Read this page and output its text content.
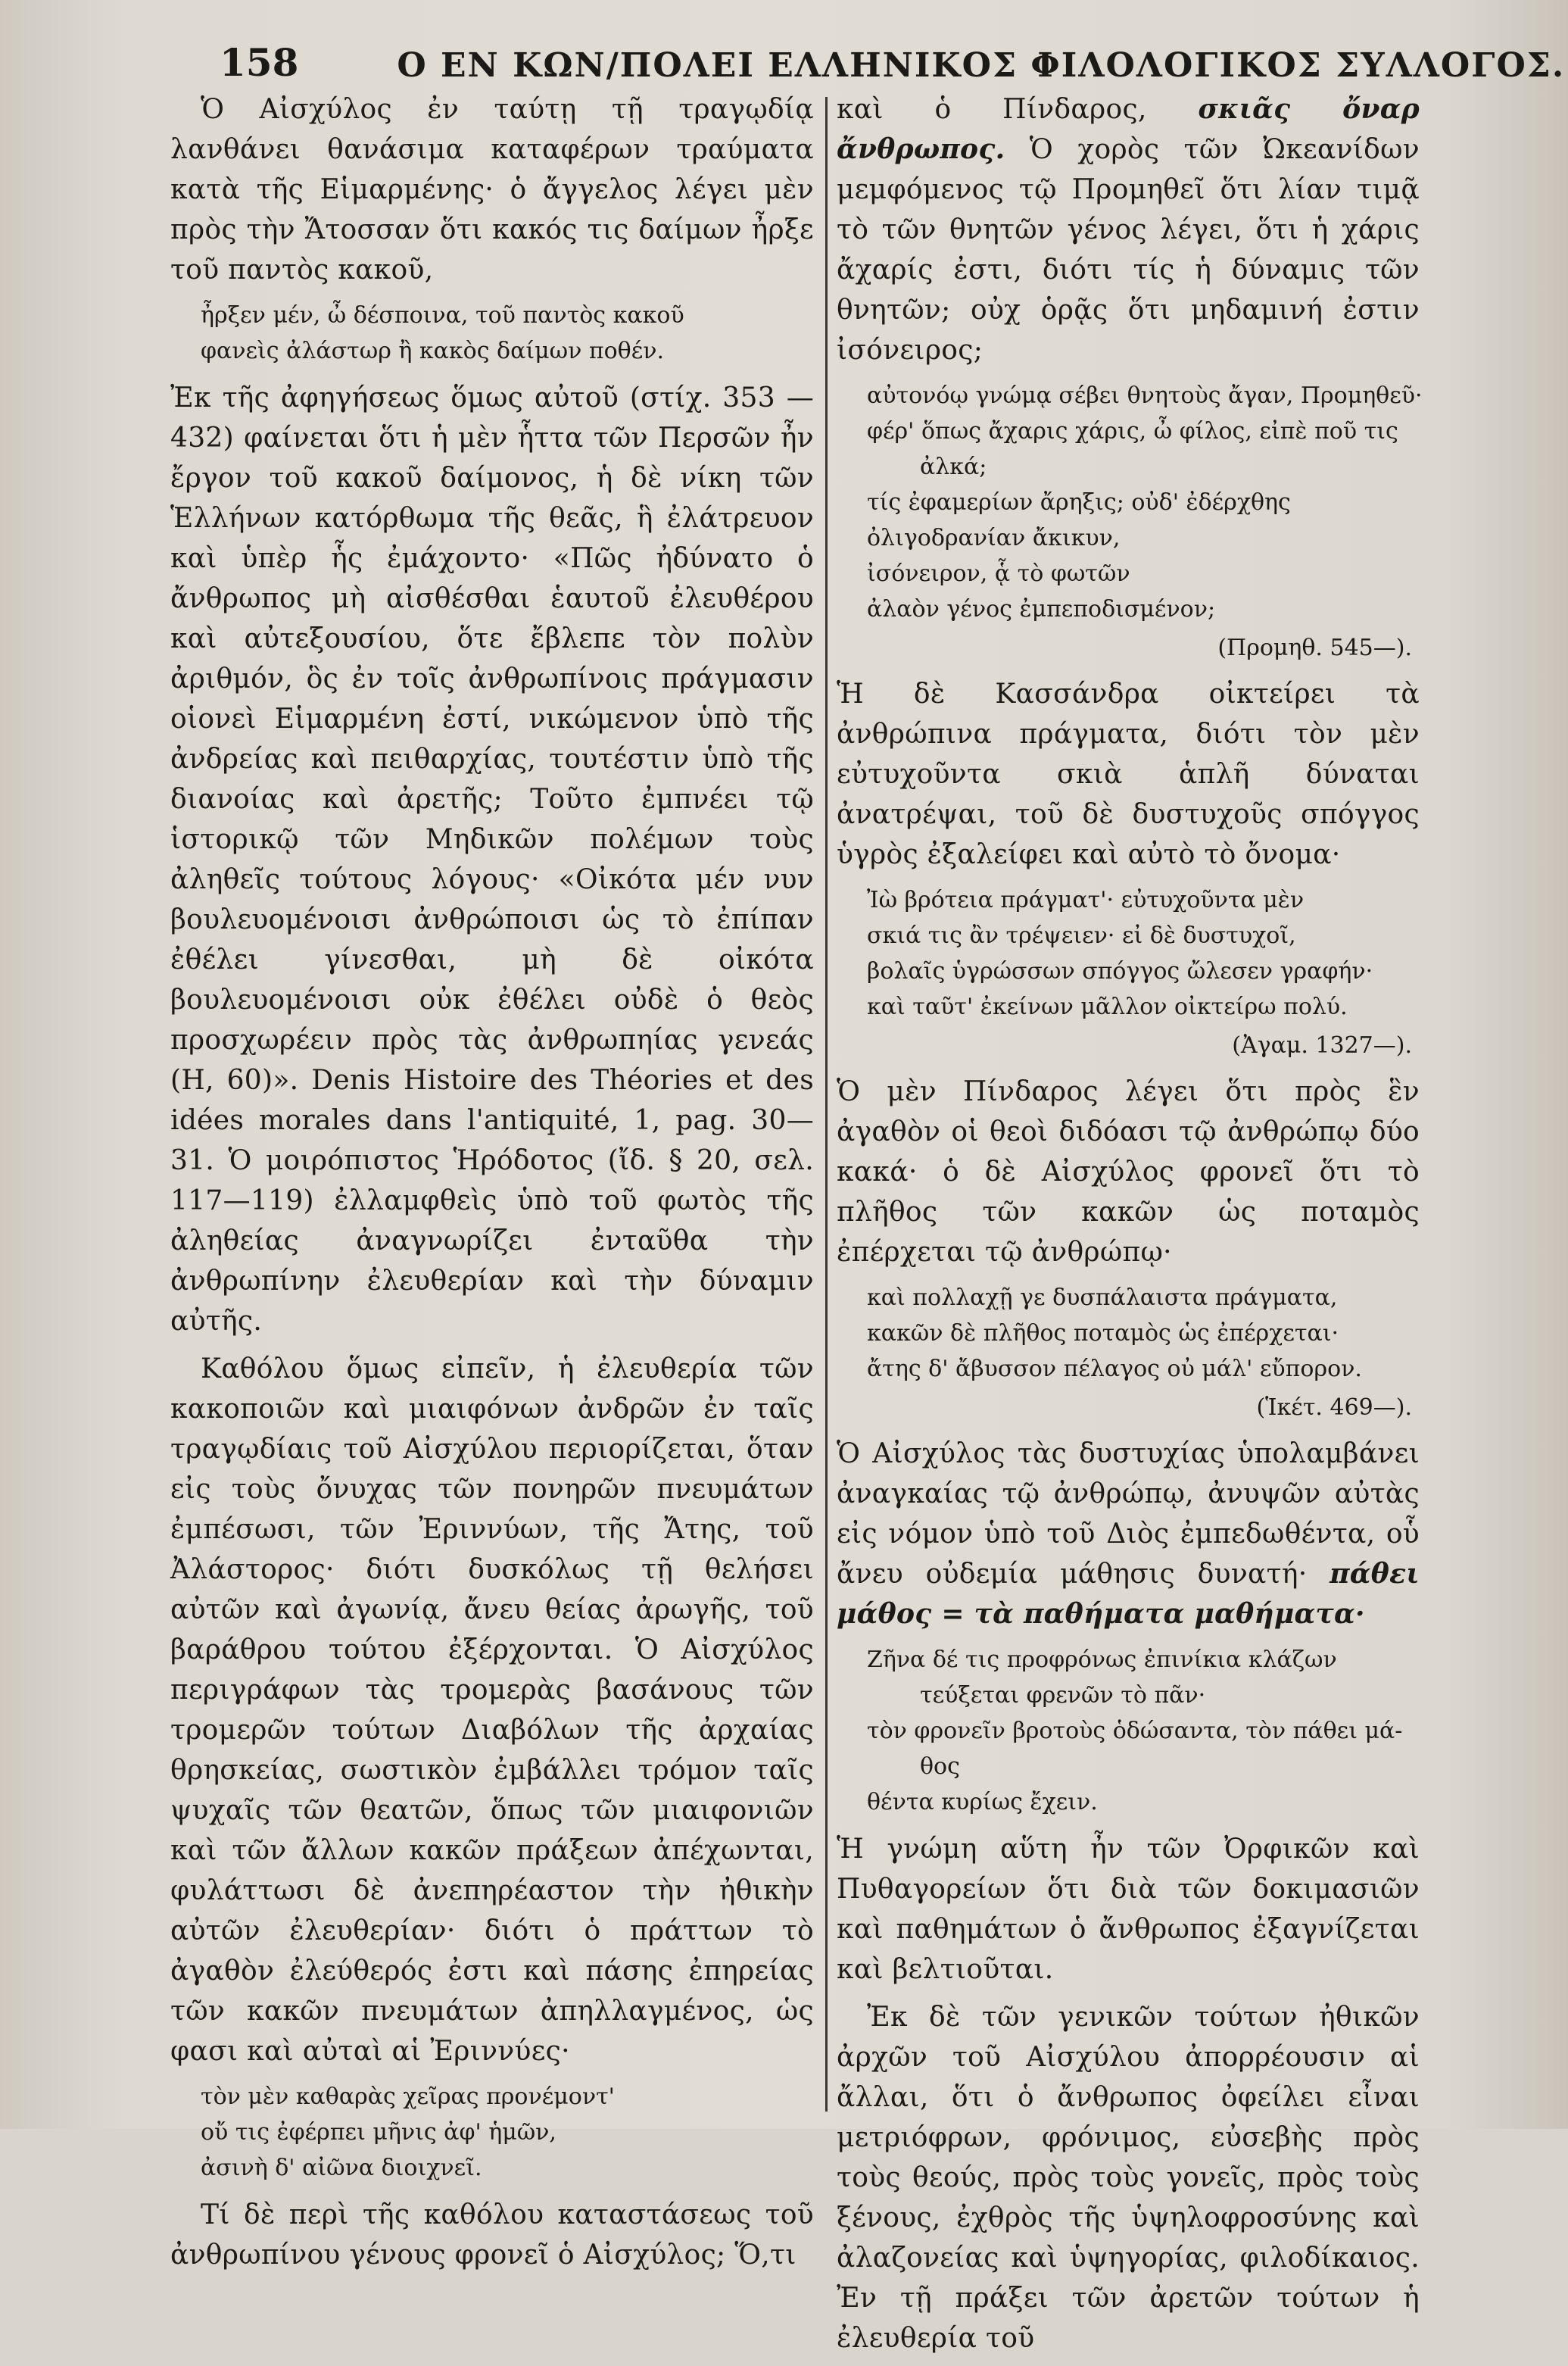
158	Ο ΕΝ ΚΩΝ/ΠΟΛΕΙ ΕΛΛΗΝΙΚΟΣ ΦΙΛΟΛΟΓΙΚΟΣ ΣΥΛΛΟΓΟΣ.

Ὁ Αἰσχύλος ἐν ταύτῃ τῇ τραγῳδίᾳ λανθάνει θανάσιμα καταφέρων τραύματα κατὰ τῆς Εἱμαρμένης· ὁ ἄγγελος λέγει μὲν πρὸς τὴν Ἄτοσσαν ὅτι κακός τις δαίμων ἦρξε τοῦ παντὸς κακοῦ,

ἦρξεν μέν, ὦ δέσποινα, τοῦ παντὸς κακοῦ
φανεὶς ἀλάστωρ ἢ κακὸς δαίμων ποθέν.

Ἐκ τῆς ἀφηγήσεως ὅμως αὐτοῦ (στίχ. 353 — 432) φαίνεται ὅτι ἡ μὲν ἧττα τῶν Περσῶν ἦν ἔργον τοῦ κακοῦ δαίμονος, ἡ δὲ νίκη τῶν Ἑλλήνων κατόρθωμα τῆς θεᾶς, ἣ ἐλάτρευον καὶ ὑπὲρ ἧς ἐμάχοντο· «Πῶς ἠδύνατο ὁ ἄνθρωπος μὴ αἰσθέσθαι ἑαυτοῦ ἐλευθέρου καὶ αὐτεξουσίου, ὅτε ἔβλεπε τὸν πολὺν ἀριθμόν, ὃς ἐν τοῖς ἀνθρωπίνοις πράγμασιν οἱονεὶ Εἱμαρμένη ἐστί, νικώμενον ὑπὸ τῆς ἀνδρείας καὶ πειθαρχίας, τουτέστιν ὑπὸ τῆς διανοίας καὶ ἀρετῆς; Τοῦτο ἐμπνέει τῷ ἱστορικῷ τῶν Μηδικῶν πολέμων τοὺς ἀληθεῖς τούτους λόγους· «Οἰκότα μέν νυν βουλευομένοισι ἀνθρώποισι ὡς τὸ ἐπίπαν ἐθέλει γίνεσθαι, μὴ δὲ οἰκότα βουλευομένοισι οὐκ ἐθέλει οὐδὲ ὁ θεὸς προσχωρέειν πρὸς τὰς ἀνθρωπηίας γενεάς (Η, 60)». Denis Histoire des Théories et des idées morales dans l'antiquité, 1, pag. 30—31. Ὁ μοιρόπιστος Ἡρόδοτος (ἴδ. § 20, σελ. 117—119) ἐλλαμφθεὶς ὑπὸ τοῦ φωτὸς τῆς ἀληθείας ἀναγνωρίζει ἐνταῦθα τὴν ἀνθρωπίνην ἐλευθερίαν καὶ τὴν δύναμιν αὐτῆς.

Καθόλου ὅμως εἰπεῖν, ἡ ἐλευθερία τῶν κακοποιῶν καὶ μιαιφόνων ἀνδρῶν ἐν ταῖς τραγῳδίαις τοῦ Αἰσχύλου περιορίζεται, ὅταν εἰς τοὺς ὄνυχας τῶν πονηρῶν πνευμάτων ἐμπέσωσι, τῶν Ἐριννύων, τῆς Ἄτης, τοῦ Ἀλάστορος· διότι δυσκόλως τῇ θελήσει αὐτῶν καὶ ἀγωνίᾳ, ἄνευ θείας ἀρωγῆς, τοῦ βαράθρου τούτου ἐξέρχονται. Ὁ Αἰσχύλος περιγράφων τὰς τρομερὰς βασάνους τῶν τρομερῶν τούτων Διαβόλων τῆς ἀρχαίας θρησκείας, σωστικὸν ἐμβάλλει τρόμον ταῖς ψυχαῖς τῶν θεατῶν, ὅπως τῶν μιαιφονιῶν καὶ τῶν ἄλλων κακῶν πράξεων ἀπέχωνται, φυλάττωσι δὲ ἀνεπηρέαστον τὴν ἠθικὴν αὐτῶν ἐλευθερίαν· διότι ὁ πράττων τὸ ἀγαθὸν ἐλεύθερός ἐστι καὶ πάσης ἐπηρείας τῶν κακῶν πνευμάτων ἀπηλλαγμένος, ὡς φασι καὶ αὐταὶ αἱ Ἐριννύες·

τὸν μὲν καθαρὰς χεῖρας προνέμοντ'
οὔ τις ἐφέρπει μῆνις ἀφ' ἡμῶν,
ἀσινὴ δ' αἰῶνα διοιχνεῖ.

Τί δὲ περὶ τῆς καθόλου καταστάσεως τοῦ ἀνθρωπίνου γένους φρονεῖ ὁ Αἰσχύλος; Ὅ,τι

καὶ ὁ Πίνδαρος, σκιᾶς ὄναρ ἄνθρωπος. Ὁ χορὸς τῶν Ὠκεανίδων μεμφόμενος τῷ Προμηθεῖ ὅτι λίαν τιμᾷ τὸ τῶν θνητῶν γένος λέγει, ὅτι ἡ χάρις ἄχαρίς ἐστι, διότι τίς ἡ δύναμις τῶν θνητῶν; οὐχ ὁρᾷς ὅτι μηδαμινή ἐστιν ἰσόνειρος;

αὐτονόῳ γνώμᾳ σέβει θνητοὺς ἄγαν, Προμηθεῦ·
φέρ' ὅπως ἄχαρις χάρις, ὦ φίλος, εἰπὲ ποῦ τις
ἀλκά;
τίς ἐφαμερίων ἄρηξις; οὐδ' ἐδέρχθης
ὀλιγοδρανίαν ἄκικυν,
ἰσόνειρον, ᾇ τὸ φωτῶν
ἀλαὸν γένος ἐμπεποδισμένον;
(Προμηθ. 545—).

Ἡ δὲ Κασσάνδρα οἰκτείρει τὰ ἀνθρώπινα πράγματα, διότι τὸν μὲν εὐτυχοῦντα σκιὰ ἁπλῆ δύναται ἀνατρέψαι, τοῦ δὲ δυστυχοῦς σπόγγος ὑγρὸς ἐξαλείφει καὶ αὐτὸ τὸ ὄνομα·

Ἰὼ βρότεια πράγματ'· εὐτυχοῦντα μὲν
σκιά τις ἂν τρέψειεν· εἰ δὲ δυστυχοῖ,
βολαῖς ὑγρώσσων σπόγγος ὤλεσεν γραφήν·
καὶ ταῦτ' ἐκείνων μᾶλλον οἰκτείρω πολύ.
(Ἀγαμ. 1327—).

Ὁ μὲν Πίνδαρος λέγει ὅτι πρὸς ἓν ἀγαθὸν οἱ θεοὶ διδόασι τῷ ἀνθρώπῳ δύο κακά· ὁ δὲ Αἰσχύλος φρονεῖ ὅτι τὸ πλῆθος τῶν κακῶν ὡς ποταμὸς ἐπέρχεται τῷ ἀνθρώπῳ·

καὶ πολλαχῇ γε δυσπάλαιστα πράγματα,
κακῶν δὲ πλῆθος ποταμὸς ὡς ἐπέρχεται·
ἄτης δ' ἄβυσσον πέλαγος οὐ μάλ' εὔπορον.
(Ἱκέτ. 469—).

Ὁ Αἰσχύλος τὰς δυστυχίας ὑπολαμβάνει ἀναγκαίας τῷ ἀνθρώπῳ, ἀνυψῶν αὐτὰς εἰς νόμον ὑπὸ τοῦ Διὸς ἐμπεδωθέντα, οὗ ἄνευ οὐδεμία μάθησις δυνατή· πάθει μάθος = τὰ παθήματα μαθήματα·

Ζῆνα δέ τις προφρόνως ἐπινίκια κλάζων
τεύξεται φρενῶν τὸ πᾶν·
τὸν φρονεῖν βροτοὺς ὁδώσαντα, τὸν πάθει μά-
θος
θέντα κυρίως ἔχειν.

Ἡ γνώμη αὕτη ἦν τῶν Ὀρφικῶν καὶ Πυθαγορείων ὅτι διὰ τῶν δοκιμασιῶν καὶ παθημάτων ὁ ἄνθρωπος ἐξαγνίζεται καὶ βελτιοῦται.

Ἐκ δὲ τῶν γενικῶν τούτων ἠθικῶν ἀρχῶν τοῦ Αἰσχύλου ἀπορρέουσιν αἱ ἄλλαι, ὅτι ὁ ἄνθρωπος ὀφείλει εἶναι μετριόφρων, φρόνιμος, εὐσεβὴς πρὸς τοὺς θεούς, πρὸς τοὺς γονεῖς, πρὸς τοὺς ξένους, ἐχθρὸς τῆς ὑψηλοφροσύνης καὶ ἀλαζονείας καὶ ὑψηγορίας, φιλοδίκαιος. Ἐν τῇ πράξει τῶν ἀρετῶν τούτων ἡ ἐλευθερία τοῦ
